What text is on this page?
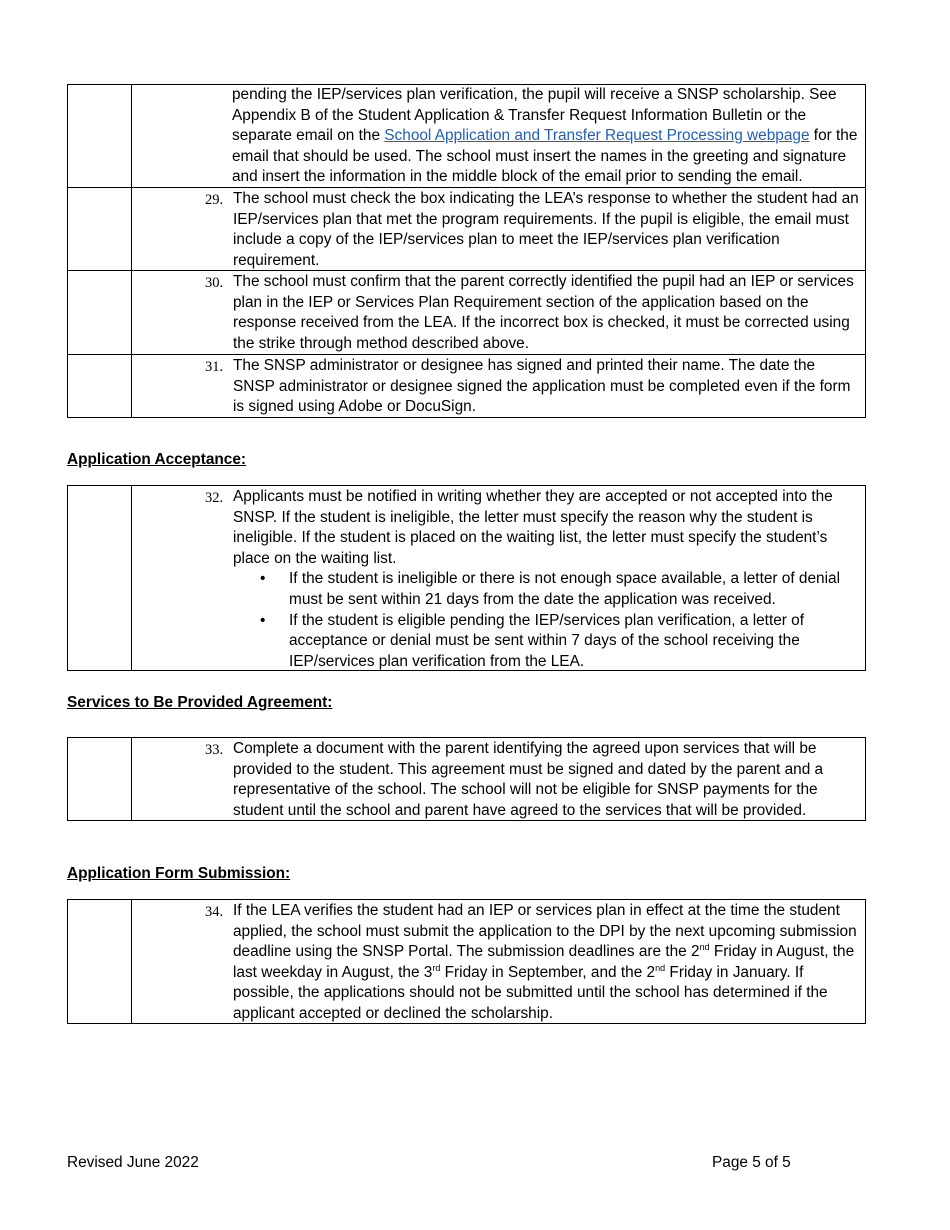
	pending the IEP/services plan verification, the pupil will receive a SNSP scholarship. See Appendix B of the Student Application & Transfer Request Information Bulletin or the separate email on the School Application and Transfer Request Processing webpage for the email that should be used. The school must insert the names in the greeting and signature and insert the information in the middle block of the email prior to sending the email.

	29. The school must check the box indicating the LEA’s response to whether the student had an IEP/services plan that met the program requirements. If the pupil is eligible, the email must include a copy of the IEP/services plan to meet the IEP/services plan verification requirement.

	30. The school must confirm that the parent correctly identified the pupil had an IEP or services plan in the IEP or Services Plan Requirement section of the application based on the response received from the LEA. If the incorrect box is checked, it must be corrected using the strike through method described above.

	31. The SNSP administrator or designee has signed and printed their name. The date the SNSP administrator or designee signed the application must be completed even if the form is signed using Adobe or DocuSign.
Application Acceptance:

32. Applicants must be notified in writing whether they are accepted or not accepted into the SNSP. If the student is ineligible, the letter must specify the reason why the student is ineligible. If the student is placed on the waiting list, the letter must specify the student’s place on the waiting list.
• If the student is ineligible or there is not enough space available, a letter of denial must be sent within 21 days from the date the application was received.
• If the student is eligible pending the IEP/services plan verification, a letter of acceptance or denial must be sent within 7 days of the school receiving the IEP/services plan verification from the LEA.
Services to Be Provided Agreement:

33. Complete a document with the parent identifying the agreed upon services that will be provided to the student. This agreement must be signed and dated by the parent and a representative of the school. The school will not be eligible for SNSP payments for the student until the school and parent have agreed to the services that will be provided.
Application Form Submission:

34. If the LEA verifies the student had an IEP or services plan in effect at the time the student applied, the school must submit the application to the DPI by the next upcoming submission deadline using the SNSP Portal. The submission deadlines are the 2nd Friday in August, the last weekday in August, the 3rd Friday in September, and the 2nd Friday in January. If possible, the applications should not be submitted until the school has determined if the applicant accepted or declined the scholarship.
Revised June 2022	Page 5 of 5
